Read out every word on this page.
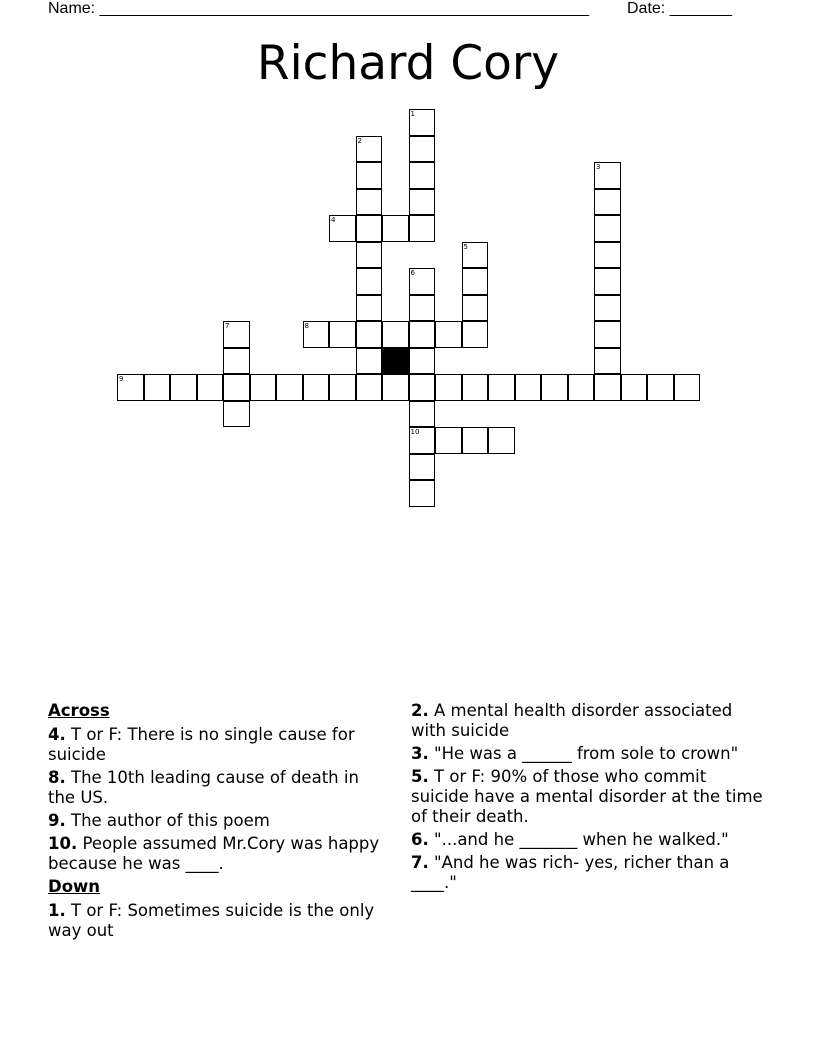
Name: _______________________________________________________ Date: _______
Richard Cory
1
2
3
4
5
6
10
7	8
9
Across
4. T or F: There is no single cause for suicide
8. The 10th leading cause of death in the US.
9. The author of this poem
10. People assumed Mr.Cory was happy because he was ____.
Down
1. T or F: Sometimes suicide is the only way out
2. A mental health disorder associated with suicide
3. "He was a ______ from sole to crown"
5. T or F: 90% of those who commit suicide have a mental disorder at the time of their death.
6. "...and he _______ when he walked."
7. "And he was rich- yes, richer than a ____."
